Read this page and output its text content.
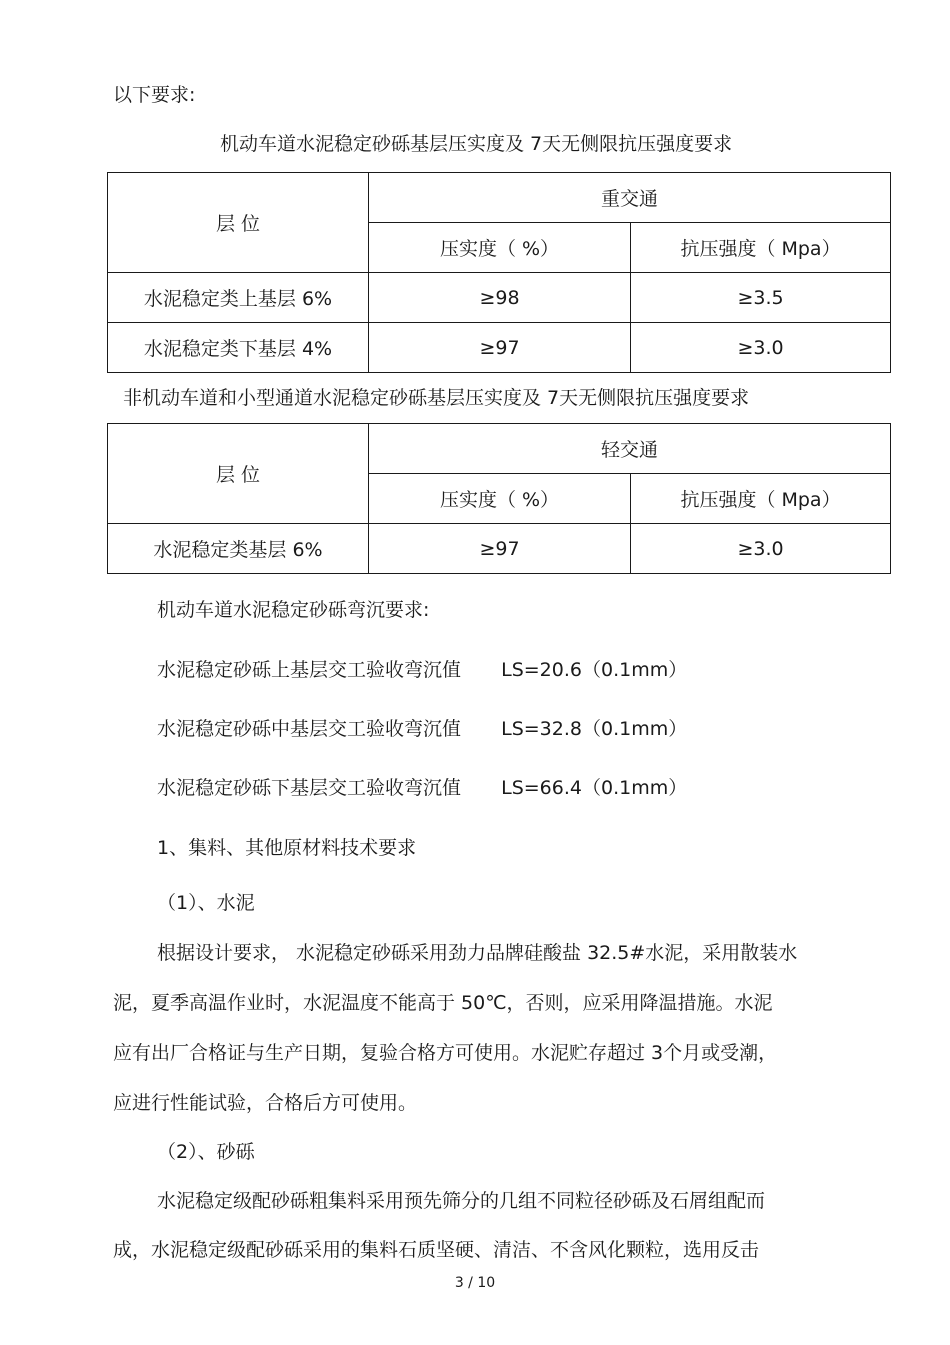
以下要求:
机动车道水泥稳定砂砾基层压实度及 7天无侧限抗压强度要求
层 位	重交通	
	压实度（ %）	抗压强度（ Mpa）
水泥稳定类上基层 6%	≥98	≥3.5
水泥稳定类下基层 4%	≥97	≥3.0
非机动车道和小型通道水泥稳定砂砾基层压实度及 7天无侧限抗压强度要求
层 位	轻交通	
	压实度（ %）	抗压强度（ Mpa）
水泥稳定类基层 6%	≥97	≥3.0
机动车道水泥稳定砂砾弯沉要求:
水泥稳定砂砾上基层交工验收弯沉值 LS=20.6（0.1mm）
水泥稳定砂砾中基层交工验收弯沉值 LS=32.8（0.1mm）
水泥稳定砂砾下基层交工验收弯沉值 LS=66.4（0.1mm）
1、集料、其他原材料技术要求
（1）、水泥
根据设计要求， 水泥稳定砂砾采用劲力品牌硅酸盐 32.5#水泥，采用散装水
泥，夏季高温作业时，水泥温度不能高于 50℃，否则，应采用降温措施。水泥
应有出厂合格证与生产日期，复验合格方可使用。水泥贮存超过 3个月或受潮，
应进行性能试验，合格后方可使用。
（2）、砂砾
水泥稳定级配砂砾粗集料采用预先筛分的几组不同粒径砂砾及石屑组配而
成，水泥稳定级配砂砾采用的集料石质坚硬、清洁、不含风化颗粒，选用反击
3 / 10
